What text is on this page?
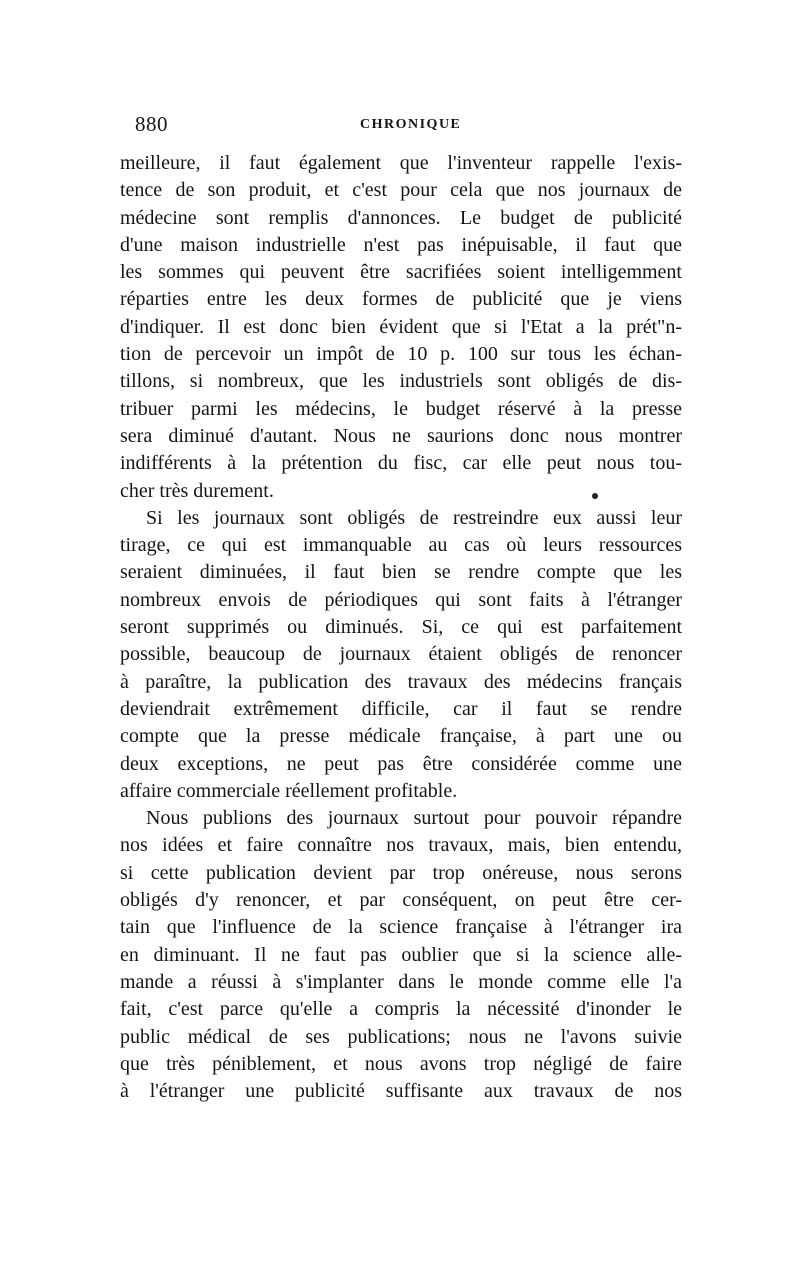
880	CHRONIQUE
meilleure, il faut également que l'inventeur rappelle l'exis-
tence de son produit, et c'est pour cela que nos journaux de
médecine sont remplis d'annonces. Le budget de publicité
d'une maison industrielle n'est pas inépuisable, il faut que
les sommes qui peuvent être sacrifiées soient intelligemment
réparties entre les deux formes de publicité que je viens
d'indiquer. Il est donc bien évident que si l'Etat a la prét"n-
tion de percevoir un impôt de 10 p. 100 sur tous les échan-
tillons, si nombreux, que les industriels sont obligés de dis-
tribuer parmi les médecins, le budget réservé à la presse
sera diminué d'autant. Nous ne saurions donc nous montrer
indifférents à la prétention du fisc, car elle peut nous tou-
cher très durement.
Si les journaux sont obligés de restreindre eux aussi leur
tirage, ce qui est immanquable au cas où leurs ressources
seraient diminuées, il faut bien se rendre compte que les
nombreux envois de périodiques qui sont faits à l'étranger
seront supprimés ou diminués. Si, ce qui est parfaitement
possible, beaucoup de journaux étaient obligés de renoncer
à paraître, la publication des travaux des médecins français
deviendrait extrêmement difficile, car il faut se rendre
compte que la presse médicale française, à part une ou
deux exceptions, ne peut pas être considérée comme une
affaire commerciale réellement profitable.
Nous publions des journaux surtout pour pouvoir répandre
nos idées et faire connaître nos travaux, mais, bien entendu,
si cette publication devient par trop onéreuse, nous serons
obligés d'y renoncer, et par conséquent, on peut être cer-
tain que l'influence de la science française à l'étranger ira
en diminuant. Il ne faut pas oublier que si la science alle-
mande a réussi à s'implanter dans le monde comme elle l'a
fait, c'est parce qu'elle a compris la nécessité d'inonder le
public médical de ses publications; nous ne l'avons suivie
que très péniblement, et nous avons trop négligé de faire
à l'étranger une publicité suffisante aux travaux de nos
